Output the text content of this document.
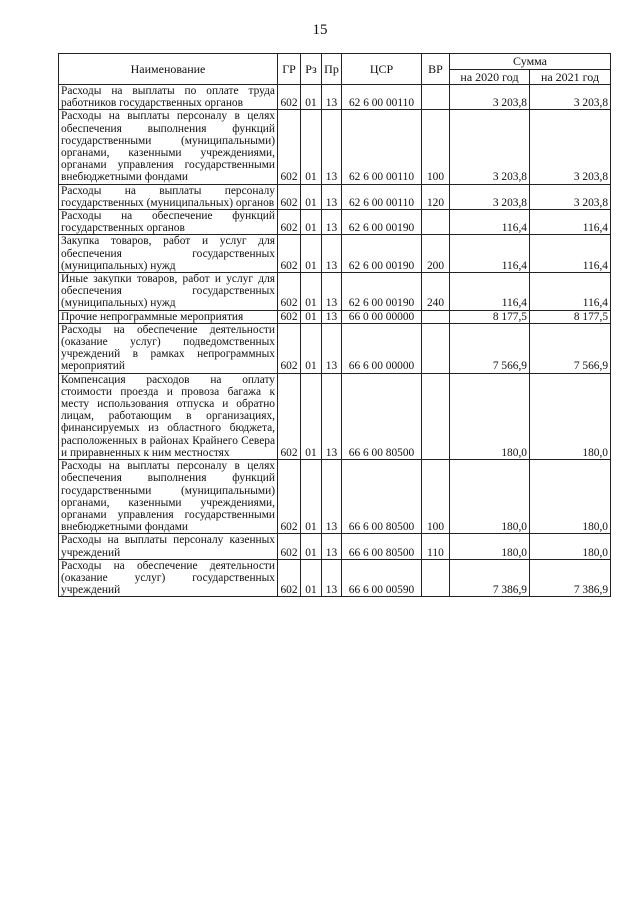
15
Наименование	ГР	Рз	Пр	ЦСР	ВР	Сумма	
						на 2020 год	на 2021 год
Расходы на выплаты по оплате труда работников государственных органов	602	01	13	62 6 00 00110		3 203,8	3 203,8
Расходы на выплаты персоналу в целях обеспечения выполнения функций государственными (муниципальными) органами, казенными учреждениями, органами управления государственными внебюджетными фондами	602	01	13	62 6 00 00110	100	3 203,8	3 203,8
Расходы на выплаты персоналу государственных (муниципальных) органов	602	01	13	62 6 00 00110	120	3 203,8	3 203,8
Расходы на обеспечение функций государственных органов	602	01	13	62 6 00 00190		116,4	116,4
Закупка товаров, работ и услуг для обеспечения государственных (муниципальных) нужд	602	01	13	62 6 00 00190	200	116,4	116,4
Иные закупки товаров, работ и услуг для обеспечения государственных (муниципальных) нужд	602	01	13	62 6 00 00190	240	116,4	116,4
Прочие непрограммные мероприятия	602	01	13	66 0 00 00000		8 177,5	8 177,5
Расходы на обеспечение деятельности (оказание услуг) подведомственных учреждений в рамках непрограммных мероприятий	602	01	13	66 6 00 00000		7 566,9	7 566,9
Компенсация расходов на оплату стоимости проезда и провоза багажа к месту использования отпуска и обратно лицам, работающим в организациях, финансируемых из областного бюджета, расположенных в районах Крайнего Севера и приравненных к ним местностях	602	01	13	66 6 00 80500		180,0	180,0
Расходы на выплаты персоналу в целях обеспечения выполнения функций государственными (муниципальными) органами, казенными учреждениями, органами управления государственными внебюджетными фондами	602	01	13	66 6 00 80500	100	180,0	180,0
Расходы на выплаты персоналу казенных учреждений	602	01	13	66 6 00 80500	110	180,0	180,0
Расходы на обеспечение деятельности (оказание услуг) государственных учреждений	602	01	13	66 6 00 00590		7 386,9	7 386,9
